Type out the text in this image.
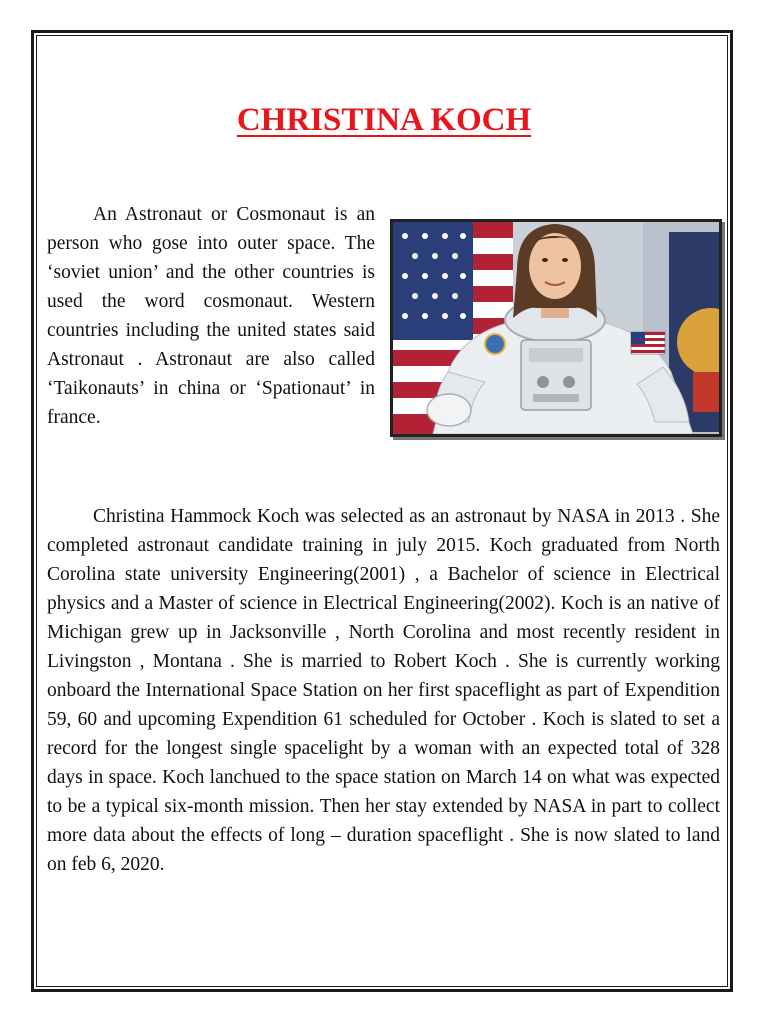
CHRISTINA KOCH

An Astronaut or Cosmonaut is an person who gose into outer space. The ‘soviet union’ and the other countries is used the word cosmonaut. Western countries including the united states said Astronaut . Astronaut are also called ‘Taikonauts’ in china or ‘Spationaut’ in france.

Christina Hammock Koch was selected as an astronaut by NASA in 2013 . She completed astronaut candidate training in july 2015. Koch graduated from North Corolina state university Engineering(2001) , a Bachelor of science in Electrical physics and a Master of science in Electrical Engineering(2002). Koch is an native of Michigan grew up in Jacksonville , North Corolina and most recently resident in Livingston , Montana . She is married to Robert Koch . She is currently working onboard the International Space Station on her first spaceflight as part of Expendition 59, 60 and upcoming Expendition 61 scheduled for October . Koch is slated to set a record for the longest single spacelight by a woman with an expected total of 328 days in space. Koch lanchued to the space station on March 14 on what was expected to be a typical six-month mission. Then her stay extended by NASA in part to collect more data about the effects of long – duration spaceflight . She is now slated to land on feb 6, 2020.
